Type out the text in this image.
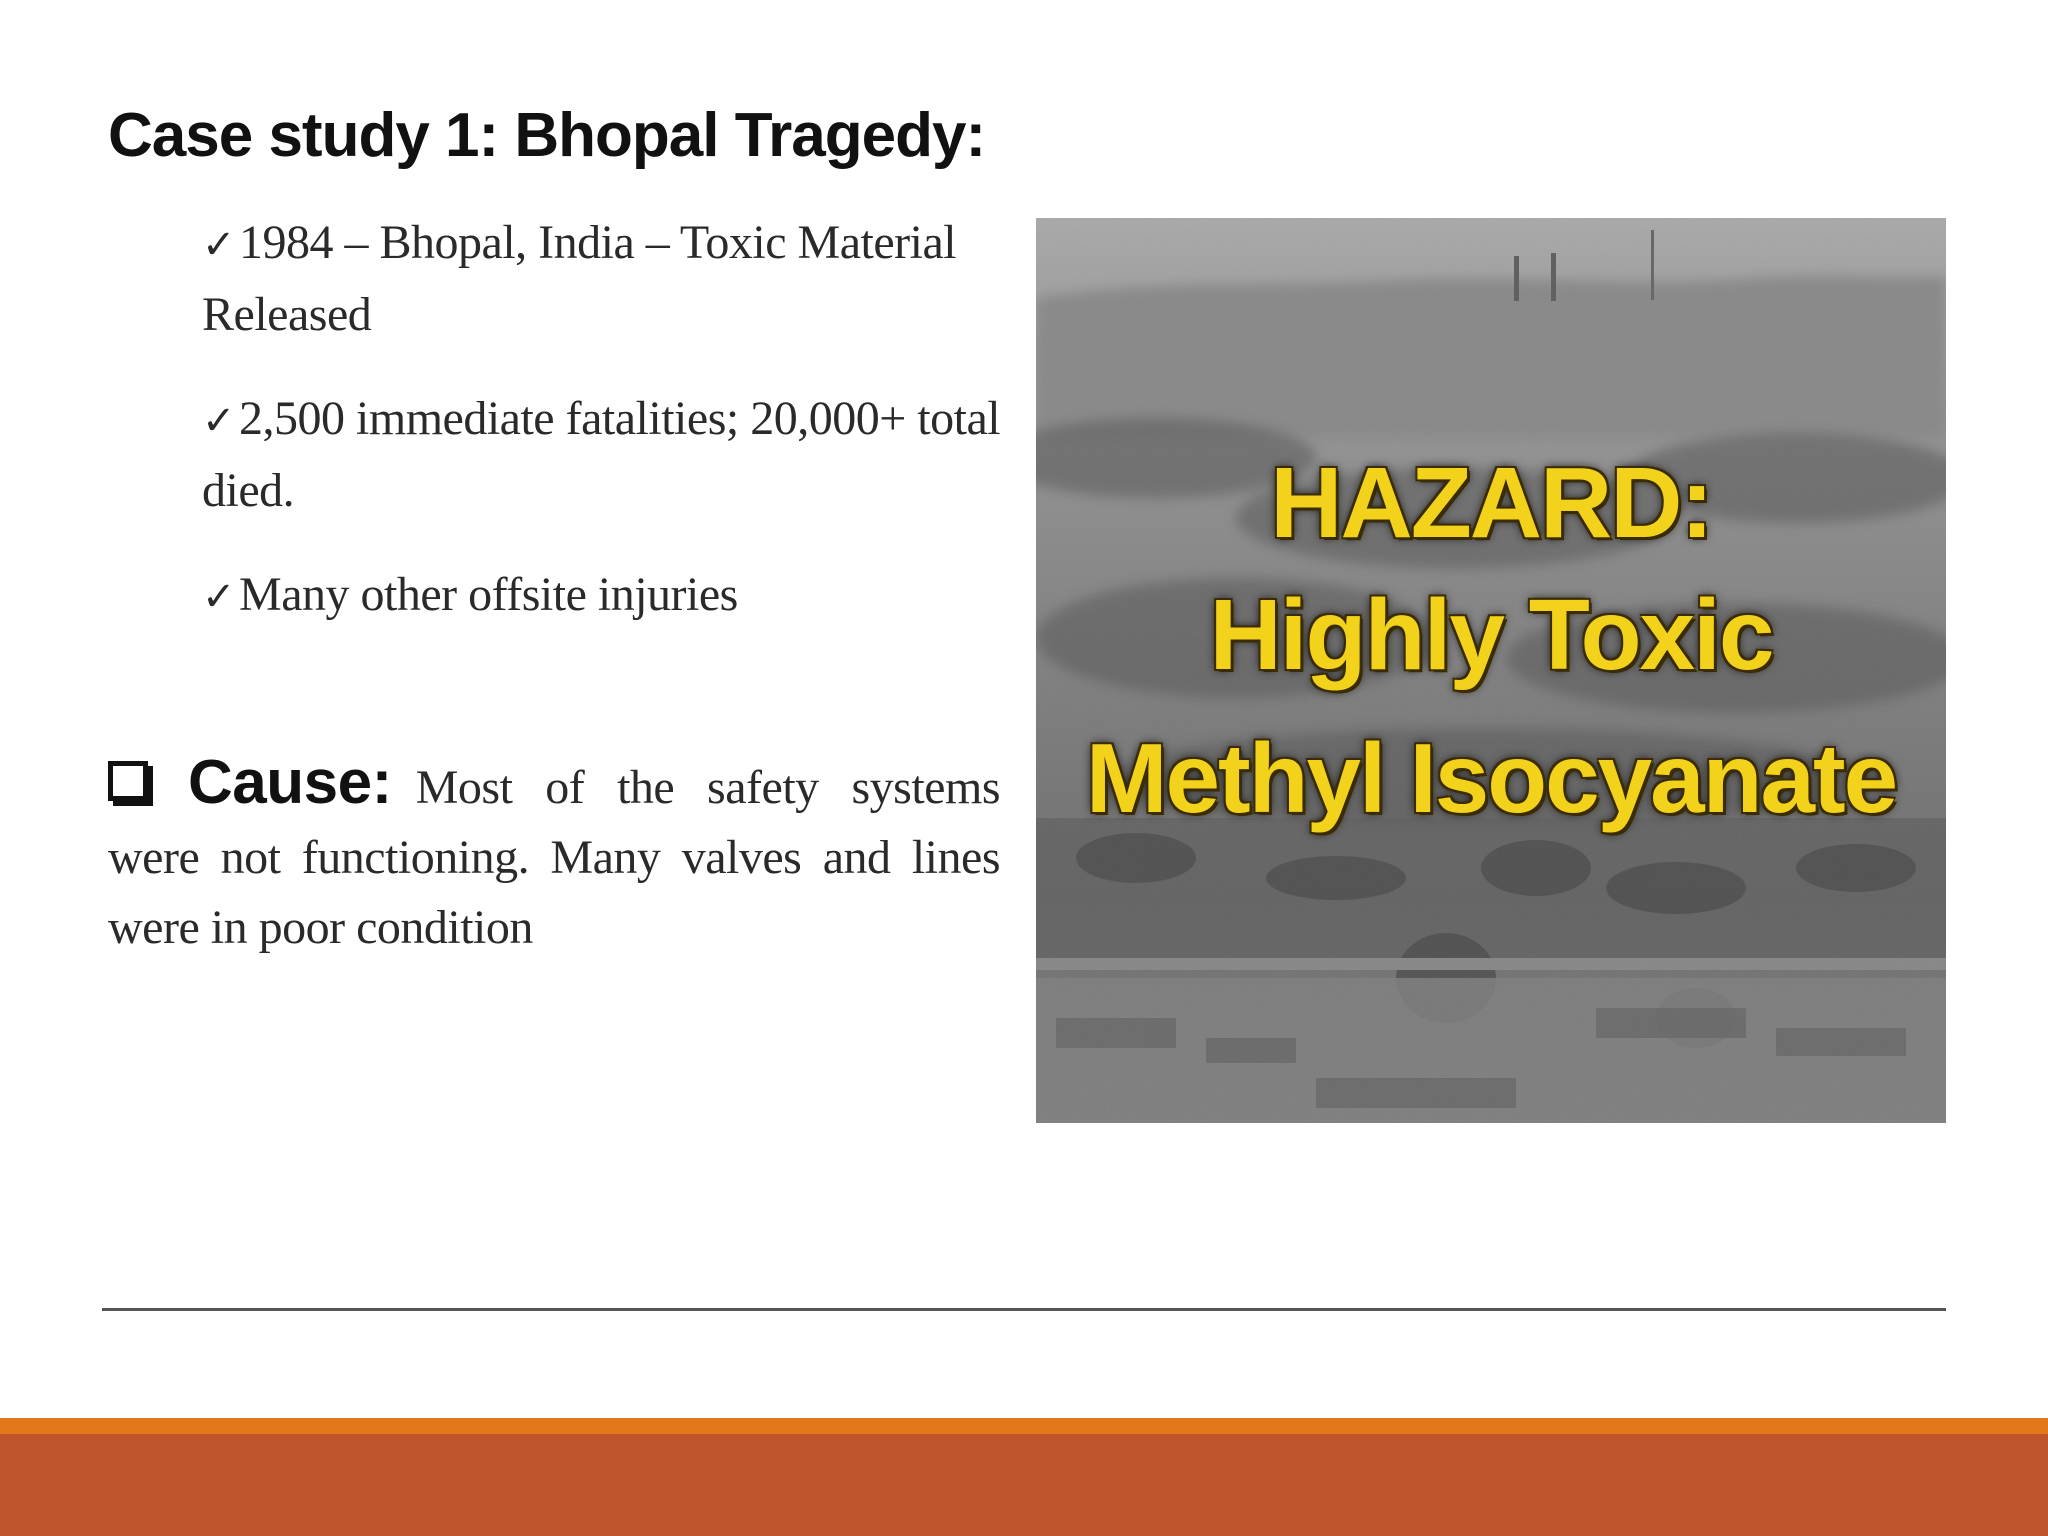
Case study 1: Bhopal Tragedy:
✓1984 – Bhopal, India – Toxic Material Released
✓2,500 immediate fatalities; 20,000+ total died.
✓Many other offsite injuries

Cause: Most of the safety systems were not functioning. Many valves and lines were in poor condition

HAZARD:
Highly Toxic
Methyl Isocyanate
